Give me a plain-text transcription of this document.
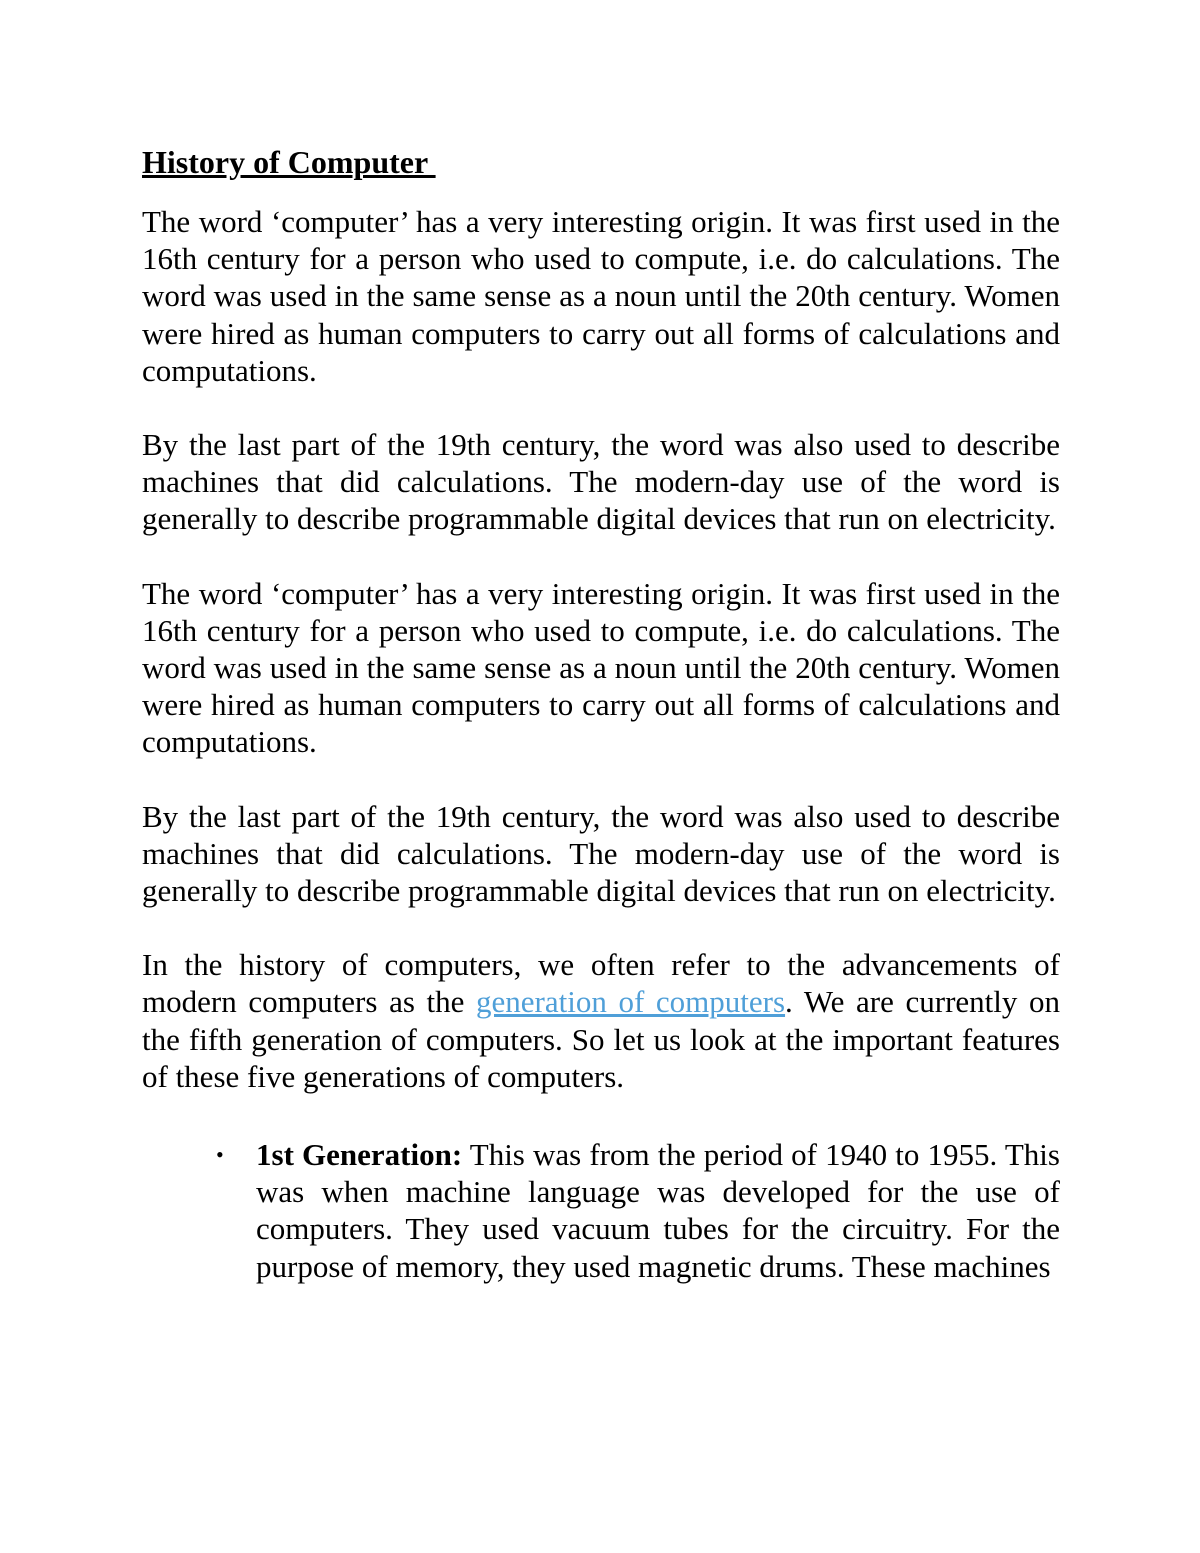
History of Computer

The word ‘computer’ has a very interesting origin. It was first used in the 16th century for a person who used to compute, i.e. do calculations. The word was used in the same sense as a noun until the 20th century. Women were hired as human computers to carry out all forms of calculations and computations.

By the last part of the 19th century, the word was also used to describe machines that did calculations. The modern-day use of the word is generally to describe programmable digital devices that run on electricity.

The word ‘computer’ has a very interesting origin. It was first used in the 16th century for a person who used to compute, i.e. do calculations. The word was used in the same sense as a noun until the 20th century. Women were hired as human computers to carry out all forms of calculations and computations.

By the last part of the 19th century, the word was also used to describe machines that did calculations. The modern-day use of the word is generally to describe programmable digital devices that run on electricity.

In the history of computers, we often refer to the advancements of modern computers as the generation of computers. We are currently on the fifth generation of computers. So let us look at the important features of these five generations of computers.

• 1st Generation: This was from the period of 1940 to 1955. This was when machine language was developed for the use of computers. They used vacuum tubes for the circuitry. For the purpose of memory, they used magnetic drums. These machines
